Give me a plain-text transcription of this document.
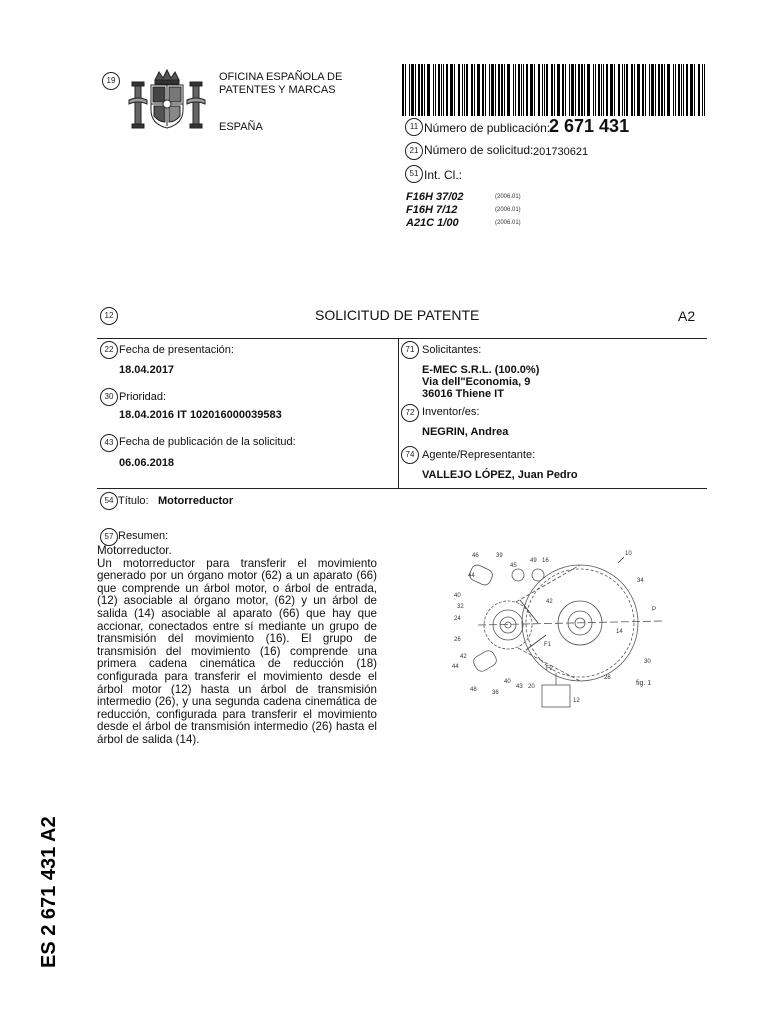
19	OFICINA ESPAÑOLA DE
PATENTES Y MARCAS
ESPAÑA	11 Número de publicación:
2 671 431
21 Número de solicitud: 201730621
51 Int. Cl.:
F16H 37/02	(2006.01)
F16H 7/12	(2006.01)
A21C 1/00	(2006.01)
12	SOLICITUD DE PATENTE	A2
22 Fecha de presentación:
18.04.2017
30 Prioridad:
18.04.2016 IT 102016000039583
43 Fecha de publicación de la solicitud:
06.06.2018
71 Solicitantes:
E-MEC S.R.L. (100.0%)
Via dell"Economia, 9
36016 Thiene IT
72 Inventor/es:
NEGRIN, Andrea
74 Agente/Representante:
VALLEJO LÓPEZ, Juan Pedro
54 Título: Motorreductor
57 Resumen:
Motorreductor.
Un motorreductor para transferir el movimiento generado por un órgano motor (62) a un aparato (66) que comprende un árbol motor, o árbol de entrada, (12) asociable al órgano motor, (62) y un árbol de salida (14) asociable al aparato (66) que hay que accionar, conectados entre sí mediante un grupo de transmisión del movimiento (16). El grupo de transmisión del movimiento (16) comprende una primera cadena cinemática de reducción (18) configurada para transferir el movimiento desde el árbol motor (12) hasta un árbol de transmisión intermedio (26), y una segunda cadena cinemática de reducción, configurada para transferir el movimiento desde el árbol de transmisión intermedio (26) hasta el árbol de salida (14).
46	39
45
49 16
10
44
34
40
32
42
24
F1
P
14
26
F2
42
30
44
48	36
40
43 20
28
12
fig. 1
ES 2 671 431 A2
